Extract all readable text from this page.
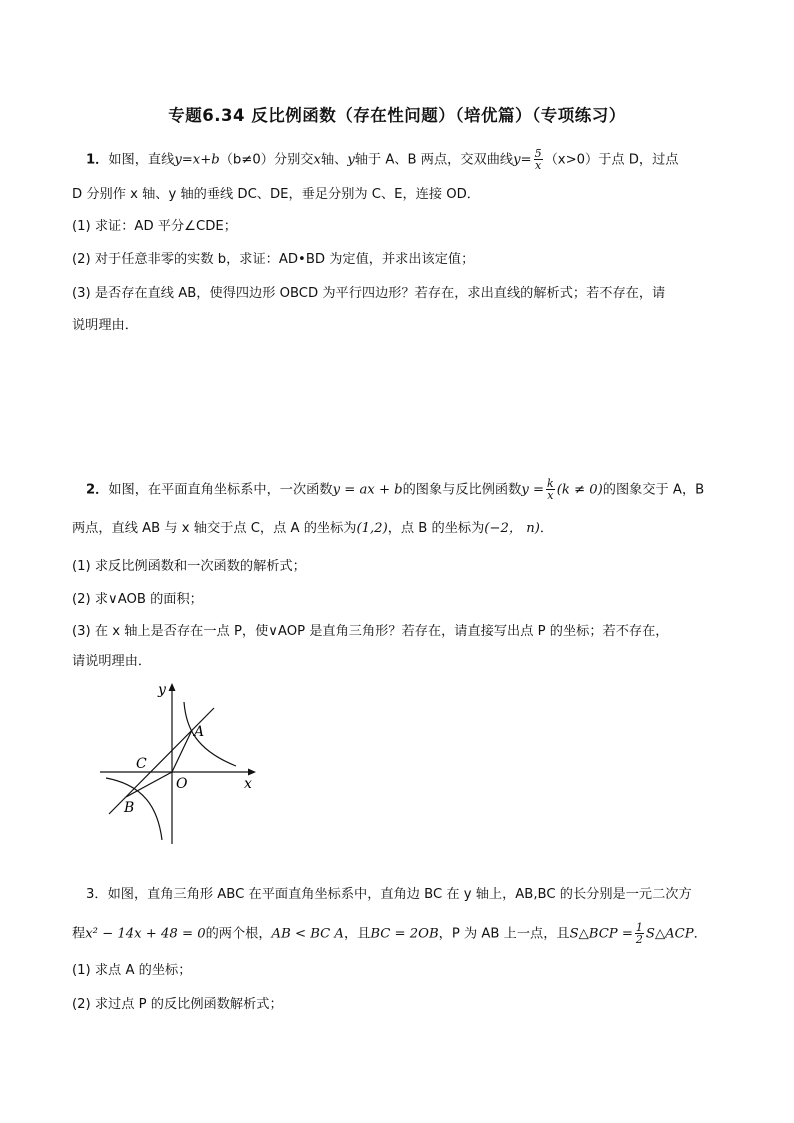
专题6.34 反比例函数（存在性问题）（培优篇）（专项练习）
1．如图，直线y=x+b（b≠0）分别交x轴、y轴于 A、B 两点，交双曲线$y= \frac{5}{x} (x>0)$于点 D，过点
D 分别作 x 轴、y 轴的垂线 DC、DE，垂足分别为 C、E，连接 OD．
(1) 求证：AD 平分∠CDE；
(2) 对于任意非零的实数 b，求证：AD•BD 为定值，并求出该定值；
(3) 是否存在直线 AB，使得四边形 OBCD 为平行四边形？若存在，求出直线的解析式；若不存在，请
说明理由．
2．如图，在平面直角坐标系中，一次函数y = ax + b的图象与反比例函数$y = \frac{k}{x} (k \ne 0)$的图象交于 A，B
两点，直线 AB 与 x 轴交于点 C，点 A 的坐标为(1,2)，点 B 的坐标为(−2， n)．
(1) 求反比例函数和一次函数的解析式；
(2) 求∨AOB 的面积；
(3) 在 x 轴上是否存在一点 P，使∨AOP 是直角三角形？若存在，请直接写出点 P 的坐标；若不存在，
请说明理由．
y
x
O
A
B
C
3．如图，直角三角形 ABC 在平面直角坐标系中，直角边 BC 在 y 轴上，AB,BC 的长分别是一元二次方
程x² − 14x + 48 = 0的两个根，AB < BC A，且BC = 2OB，P 为 AB 上一点，且S△BCP = $\frac{1}{2}$ S△ACP．
(1) 求点 A 的坐标；
(2) 求过点 P 的反比例函数解析式；
